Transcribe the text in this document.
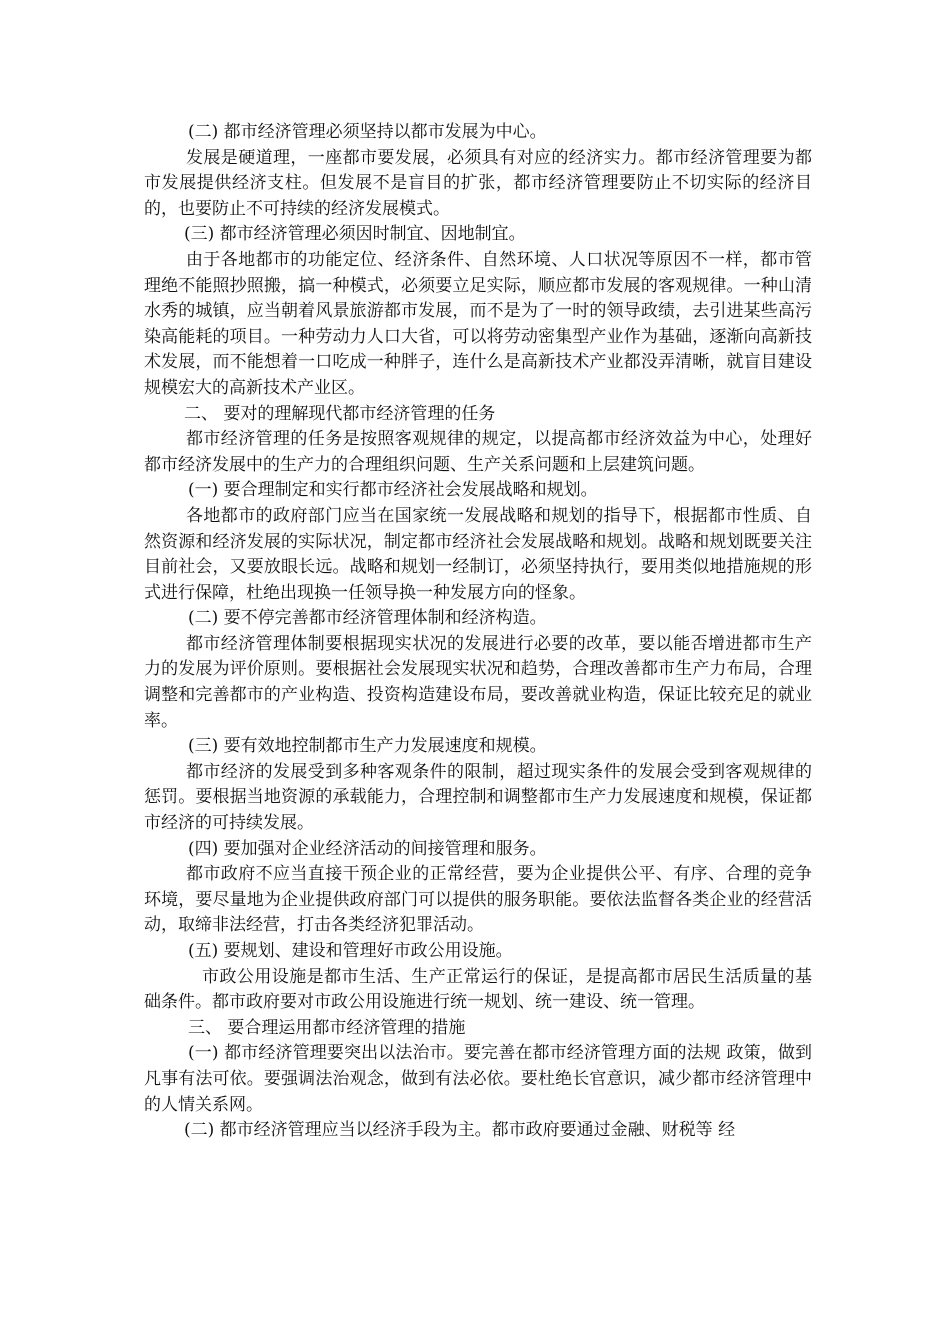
(二) 都市经济管理必须坚持以都市发展为中心。

发展是硬道理，一座都市要发展，必须具有对应的经济实力。都市经济管理要为都市发展提供经济支柱。但发展不是盲目的扩张，都市经济管理要防止不切实际的经济目的，也要防止不可持续的经济发展模式。

(三) 都市经济管理必须因时制宜、因地制宜。

由于各地都市的功能定位、经济条件、自然环境、人口状况等原因不一样，都市管理绝不能照抄照搬，搞一种模式，必须要立足实际，顺应都市发展的客观规律。一种山清水秀的城镇，应当朝着风景旅游都市发展，而不是为了一时的领导政绩，去引进某些高污染高能耗的项目。一种劳动力人口大省，可以将劳动密集型产业作为基础，逐渐向高新技术发展，而不能想着一口吃成一种胖子，连什么是高新技术产业都没弄清晰，就盲目建设规模宏大的高新技术产业区。

二、 要对的理解现代都市经济管理的任务

都市经济管理的任务是按照客观规律的规定，以提高都市经济效益为中心，处理好都市经济发展中的生产力的合理组织问题、生产关系问题和上层建筑问题。

(一) 要合理制定和实行都市经济社会发展战略和规划。

各地都市的政府部门应当在国家统一发展战略和规划的指导下，根据都市性质、自然资源和经济发展的实际状况，制定都市经济社会发展战略和规划。战略和规划既要关注目前社会，又要放眼长远。战略和规划一经制订，必须坚持执行，要用类似地措施规的形式进行保障，杜绝出现换一任领导换一种发展方向的怪象。

(二) 要不停完善都市经济管理体制和经济构造。

都市经济管理体制要根据现实状况的发展进行必要的改革，要以能否增进都市生产力的发展为评价原则。要根据社会发展现实状况和趋势，合理改善都市生产力布局，合理调整和完善都市的产业构造、投资构造建设布局，要改善就业构造，保证比较充足的就业率。

(三) 要有效地控制都市生产力发展速度和规模。

都市经济的发展受到多种客观条件的限制，超过现实条件的发展会受到客观规律的惩罚。要根据当地资源的承载能力，合理控制和调整都市生产力发展速度和规模，保证都市经济的可持续发展。

(四) 要加强对企业经济活动的间接管理和服务。

都市政府不应当直接干预企业的正常经营，要为企业提供公平、有序、合理的竞争环境，要尽量地为企业提供政府部门可以提供的服务职能。要依法监督各类企业的经营活动，取缔非法经营，打击各类经济犯罪活动。

(五) 要规划、建设和管理好市政公用设施。

市政公用设施是都市生活、生产正常运行的保证，是提高都市居民生活质量的基础条件。都市政府要对市政公用设施进行统一规划、统一建设、统一管理。

三、 要合理运用都市经济管理的措施

(一) 都市经济管理要突出以法治市。要完善在都市经济管理方面的法规 政策，做到凡事有法可依。要强调法治观念，做到有法必依。要杜绝长官意识，减少都市经济管理中的人情关系网。

(二) 都市经济管理应当以经济手段为主。都市政府要通过金融、财税等 经
